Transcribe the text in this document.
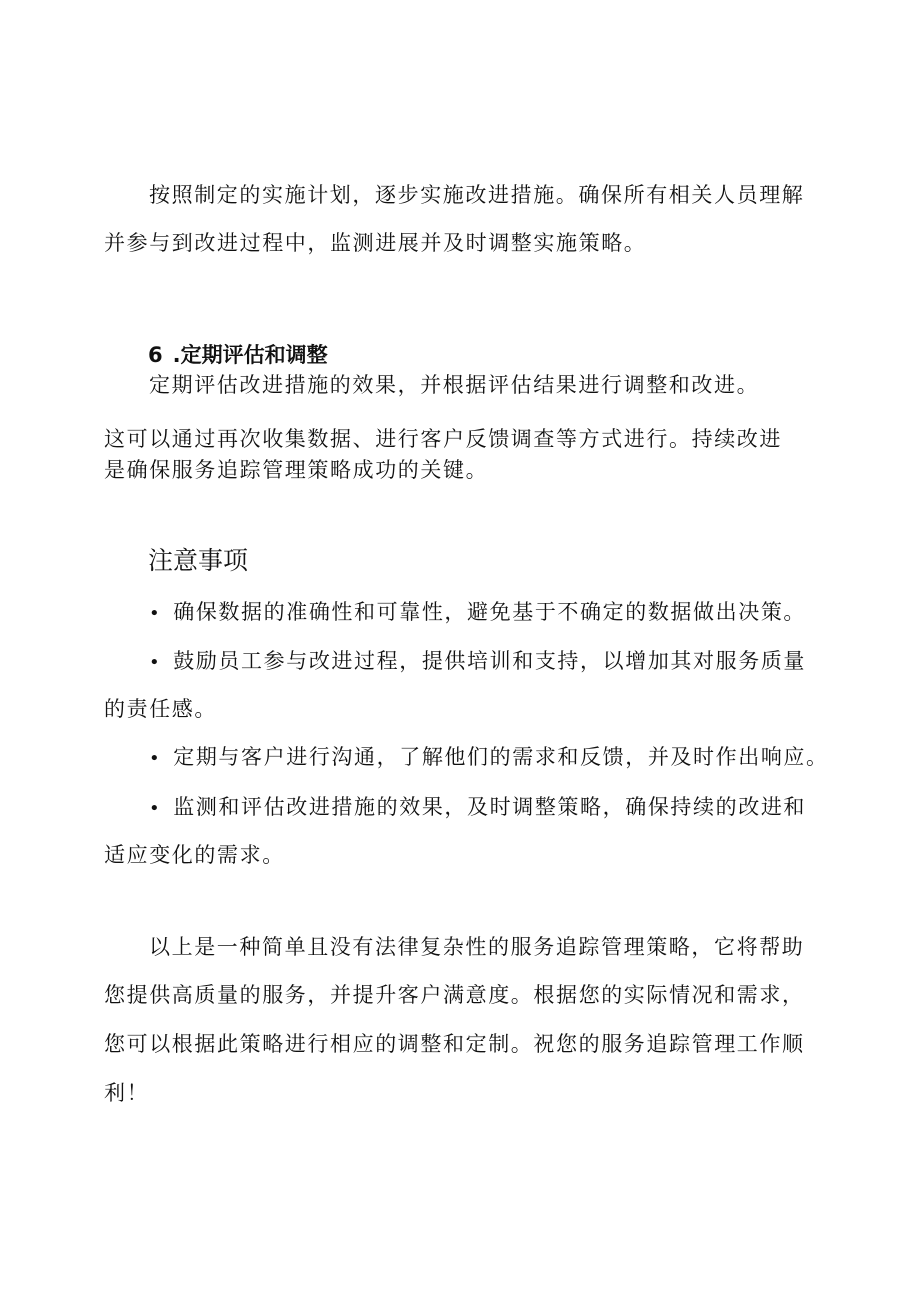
按照制定的实施计划，逐步实施改进措施。确保所有相关人员理解
并参与到改进过程中，监测进展并及时调整实施策略。
6 .定期评估和调整
定期评估改进措施的效果，并根据评估结果进行调整和改进。
这可以通过再次收集数据、进行客户反馈调查等方式进行。持续改进
是确保服务追踪管理策略成功的关键。
注意事项
• 确保数据的准确性和可靠性，避免基于不确定的数据做出决策。
• 鼓励员工参与改进过程，提供培训和支持，以增加其对服务质量
的责任感。
• 定期与客户进行沟通，了解他们的需求和反馈，并及时作出响应。
• 监测和评估改进措施的效果，及时调整策略，确保持续的改进和
适应变化的需求。
以上是一种简单且没有法律复杂性的服务追踪管理策略，它将帮助
您提供高质量的服务，并提升客户满意度。根据您的实际情况和需求，
您可以根据此策略进行相应的调整和定制。祝您的服务追踪管理工作顺
利！
